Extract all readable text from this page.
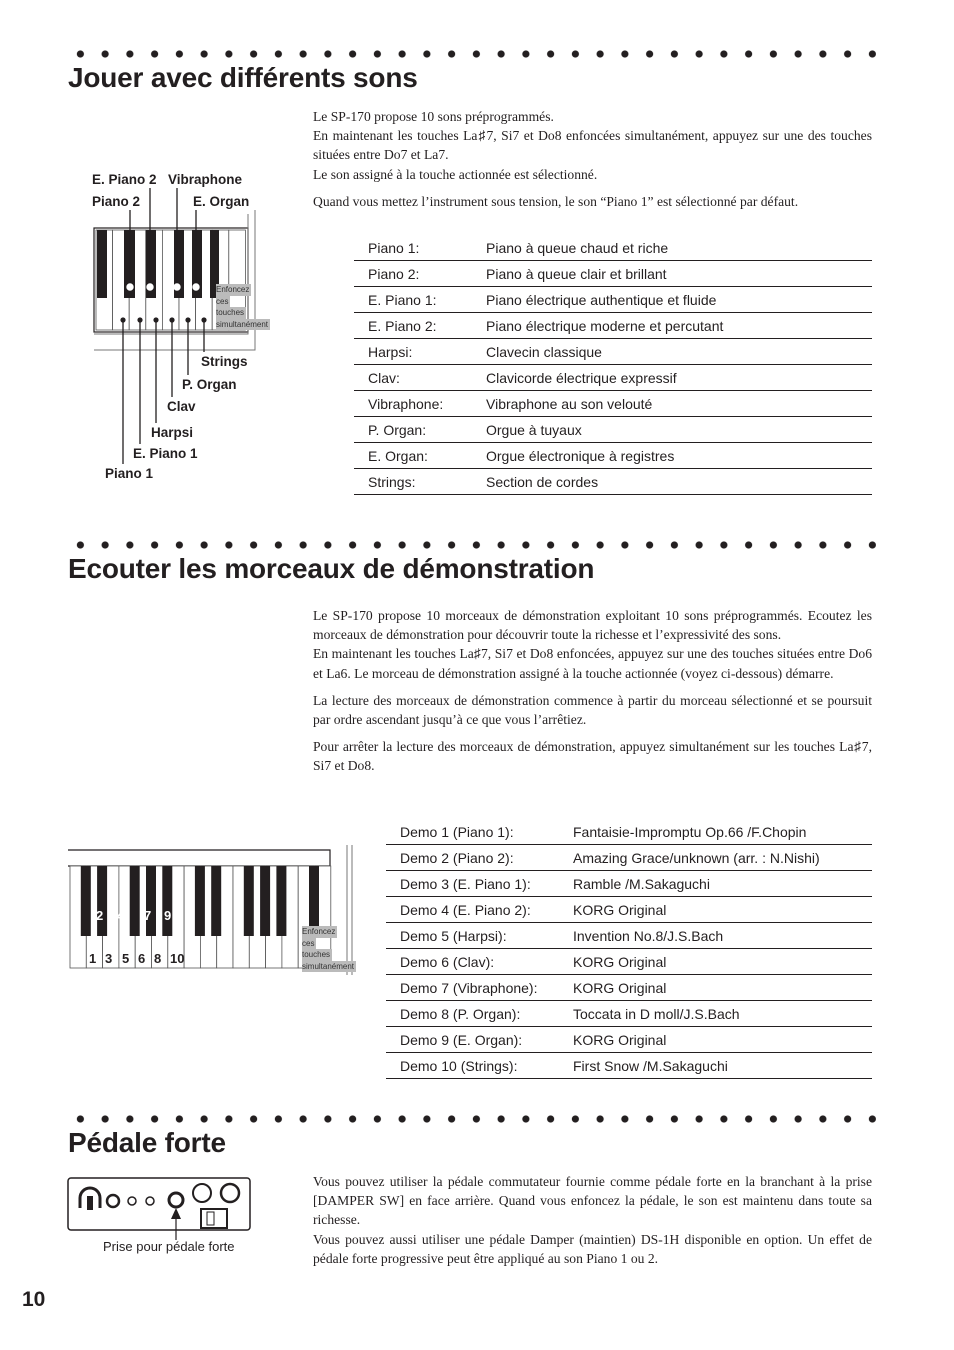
Jouer avec différents sons

Le SP-170 propose 10 sons préprogrammés.

En maintenant les touches La♯7, Si7 et Do8 enfoncées simultanément, appuyez sur une des touches situées entre Do7 et La7.

Le son assigné à la touche actionnée est sélectionné.

Quand vous mettez l’instrument sous tension, le son “Piano 1” est sélectionné par défaut.

E. Piano 2 Vibraphone
Piano 2	E. Organ
Strings
P. Organ
Clav
Harpsi
E. Piano 1
Piano 1
Enfoncez
ces
touches
simultanément
Piano 1:	Piano à queue chaud et riche
Piano 2:	Piano à queue clair et brillant
E. Piano 1:	Piano électrique authentique et fluide
E. Piano 2:	Piano électrique moderne et percutant
Harpsi:	Clavecin classique
Clav:	Clavicorde électrique expressif
Vibraphone:	Vibraphone au son velouté
P. Organ:	Orgue à tuyaux
E. Organ:	Orgue électronique à registres
Strings:	Section de cordes
Ecouter les morceaux de démonstration

Le SP-170 propose 10 morceaux de démonstration exploitant 10 sons préprogrammés. Ecoutez les morceaux de démonstration pour découvrir toute la richesse et l’expressivité des sons.

En maintenant les touches La♯7, Si7 et Do8 enfoncées, appuyez sur une des touches situées entre Do6 et La6. Le morceau de démonstration assigné à la touche actionnée (voyez ci-dessous) démarre.

La lecture des morceaux de démonstration commence à partir du morceau sélectionné et se poursuit par ordre ascendant jusqu’à ce que vous l’arrêtiez.

Pour arrêter la lecture des morceaux de démonstration, appuyez simultanément sur les touches La♯7, Si7 et Do8.

2 4 7 9
1 3 5 6 8 10
Enfoncez
ces
touches
simultanément
Demo 1 (Piano 1):	Fantaisie-Impromptu Op.66 /F.Chopin
Demo 2 (Piano 2):	Amazing Grace/unknown (arr. : N.Nishi)
Demo 3 (E. Piano 1):	Ramble /M.Sakaguchi
Demo 4 (E. Piano 2):	KORG Original
Demo 5 (Harpsi):	Invention No.8/J.S.Bach
Demo 6 (Clav):	KORG Original
Demo 7 (Vibraphone):	KORG Original
Demo 8 (P. Organ):	Toccata in D moll/J.S.Bach
Demo 9 (E. Organ):	KORG Original
Demo 10 (Strings):	First Snow /M.Sakaguchi
Pédale forte

Vous pouvez utiliser la pédale commutateur fournie comme pédale forte en la branchant à la prise [DAMPER SW] en face arrière. Quand vous enfoncez la pédale, le son est maintenu dans toute sa richesse.

Vous pouvez aussi utiliser une pédale Damper (maintien) DS-1H disponible en option. Un effet de pédale forte progressive peut être appliqué au son Piano 1 ou 2.

Prise pour pédale forte
10
